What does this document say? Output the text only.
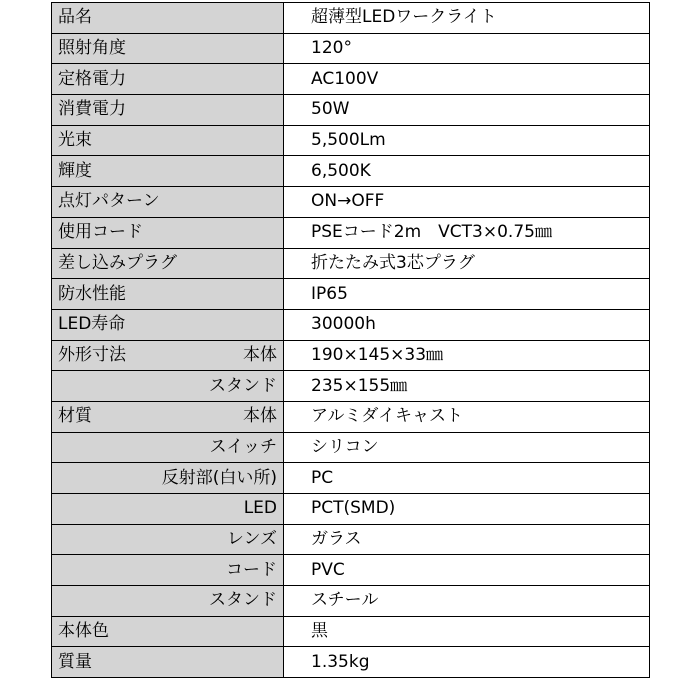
品名	超薄型LEDワークライト
照射角度	120°
定格電力	AC100V
消費電力	50W
光束	5,500Lm
輝度	6,500K
点灯パターン	ON→OFF
使用コード	PSEコード2m　VCT3×0.75㎜
差し込みプラグ	折たたみ式3芯プラグ
防水性能	IP65
LED寿命	30000h

外形寸法 本体	190×145×33㎜
スタンド	235×155㎜

材質 本体	アルミダイキャスト
スイッチ	シリコン
反射部(白い所)	PC
LED	PCT(SMD)
レンズ	ガラス
コード	PVC
スタンド	スチール
本体色	黒
質量	1.35kg
